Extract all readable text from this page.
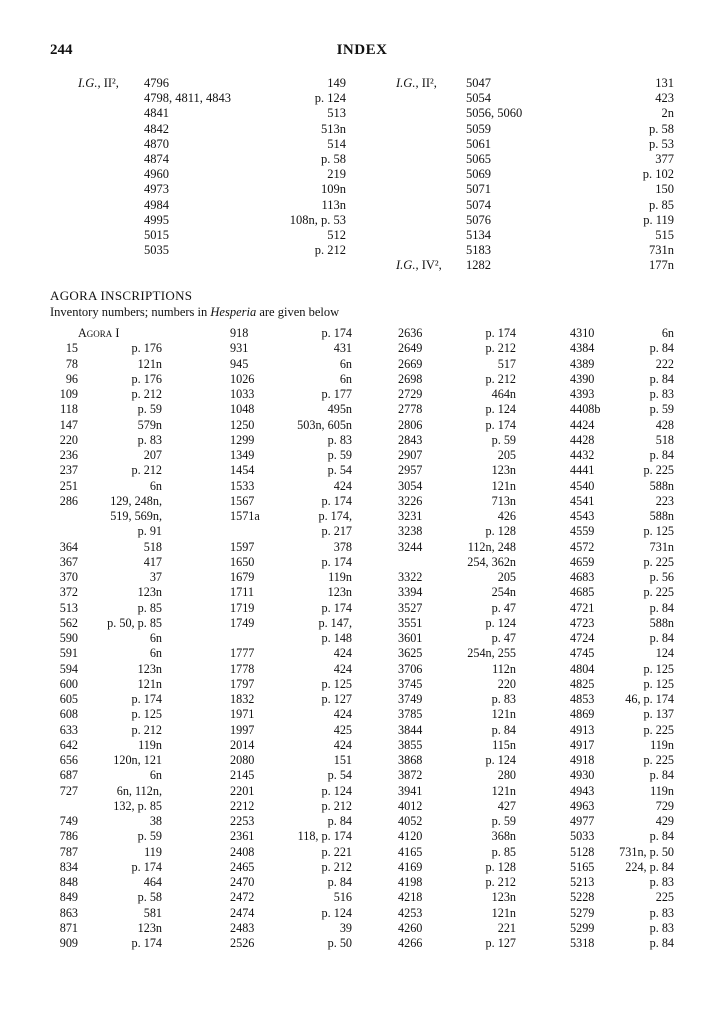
244	INDEX
I.G., II², 4796	149
4798, 4811, 4843	p. 124
4841	513
4842	513n
4870	514
4874	p. 58
4960	219
4973	109n
4984	113n
4995	108n, p. 53
5015	512
5035	p. 212
I.G., II², 5047	131
5054	423
5056, 5060	2n
5059	p. 58
5061	p. 53
5065	377
5069	p. 102
5071	150
5074	p. 85
5076	p. 119
5134	515
5183	731n
I.G., IV², 1282	177n
AGORA INSCRIPTIONS
Inventory numbers; numbers in Hesperia are given below
Agora I
15	p. 176
78	121n
96	p. 176
109	p. 212
118	p. 59
147	579n
220	p. 83
236	207
237	p. 212
251	6n
286	129, 248n,
519, 569n,
p. 91
364	518
367	417
370	37
372	123n
513	p. 85
562 p. 50, p. 85
590	6n
591	6n
594	123n
600	121n
605	p. 174
608	p. 125
633	p. 212
642	119n
656	120n, 121
687	6n
727	6n, 112n,
132, p. 85
749	38
786	p. 59
787	119
834	p. 174
848	464
849	p. 58
863	581
871	123n
909	p. 174
918	p. 174
931	431
945	6n
1026	6n
1033	p. 177
1048	495n
1250	503n, 605n
1299	p. 83
1349	p. 59
1454	p. 54
1533	424
1567	p. 174
1571a	p. 174,
p. 217
1597	378
1650	p. 174
1679	119n
1711	123n
1719	p. 174
1749	p. 147,
p. 148
1777	424
1778	424
1797	p. 125
1832	p. 127
1971	424
1997	425
2014	424
2080	151
2145	p. 54
2201	p. 124
2212	p. 212
2253	p. 84
2361	118, p. 174
2408	p. 221
2465	p. 212
2470	p. 84
2472	516
2474	p. 124
2483	39
2526	p. 50
2636	p. 174
2649	p. 212
2669	517
2698	p. 212
2729	464n
2778	p. 124
2806	p. 174
2843	p. 59
2907	205
2957	123n
3054	121n
3226	713n
3231	426
3238	p. 128
3244	112n, 248
254, 362n
3322	205
3394	254n
3527	p. 47
3551	p. 124
3601	p. 47
3625	254n, 255
3706	112n
3745	220
3749	p. 83
3785	121n
3844	p. 84
3855	115n
3868	p. 124
3872	280
3941	121n
4012	427
4052	p. 59
4120	368n
4165	p. 85
4169	p. 128
4198	p. 212
4218	123n
4253	121n
4260	221
4266	p. 127
4310	6n
4384	p. 84
4389	222
4390	p. 84
4393	p. 83
4408b	p. 59
4424	428
4428	518
4432	p. 84
4441	p. 225
4540	588n
4541	223
4543	588n
4559	p. 125
4572	731n
4659	p. 225
4683	p. 56
4685	p. 225
4721	p. 84
4723	588n
4724	p. 84
4745	124
4804	p. 125
4825	p. 125
4853	46, p. 174
4869	p. 137
4913	p. 225
4917	119n
4918	p. 225
4930	p. 84
4943	119n
4963	729
4977	429
5033	p. 84
5128 731n, p. 50
5165	224, p. 84
5213	p. 83
5228	225
5279	p. 83
5299	p. 83
5318	p. 84
